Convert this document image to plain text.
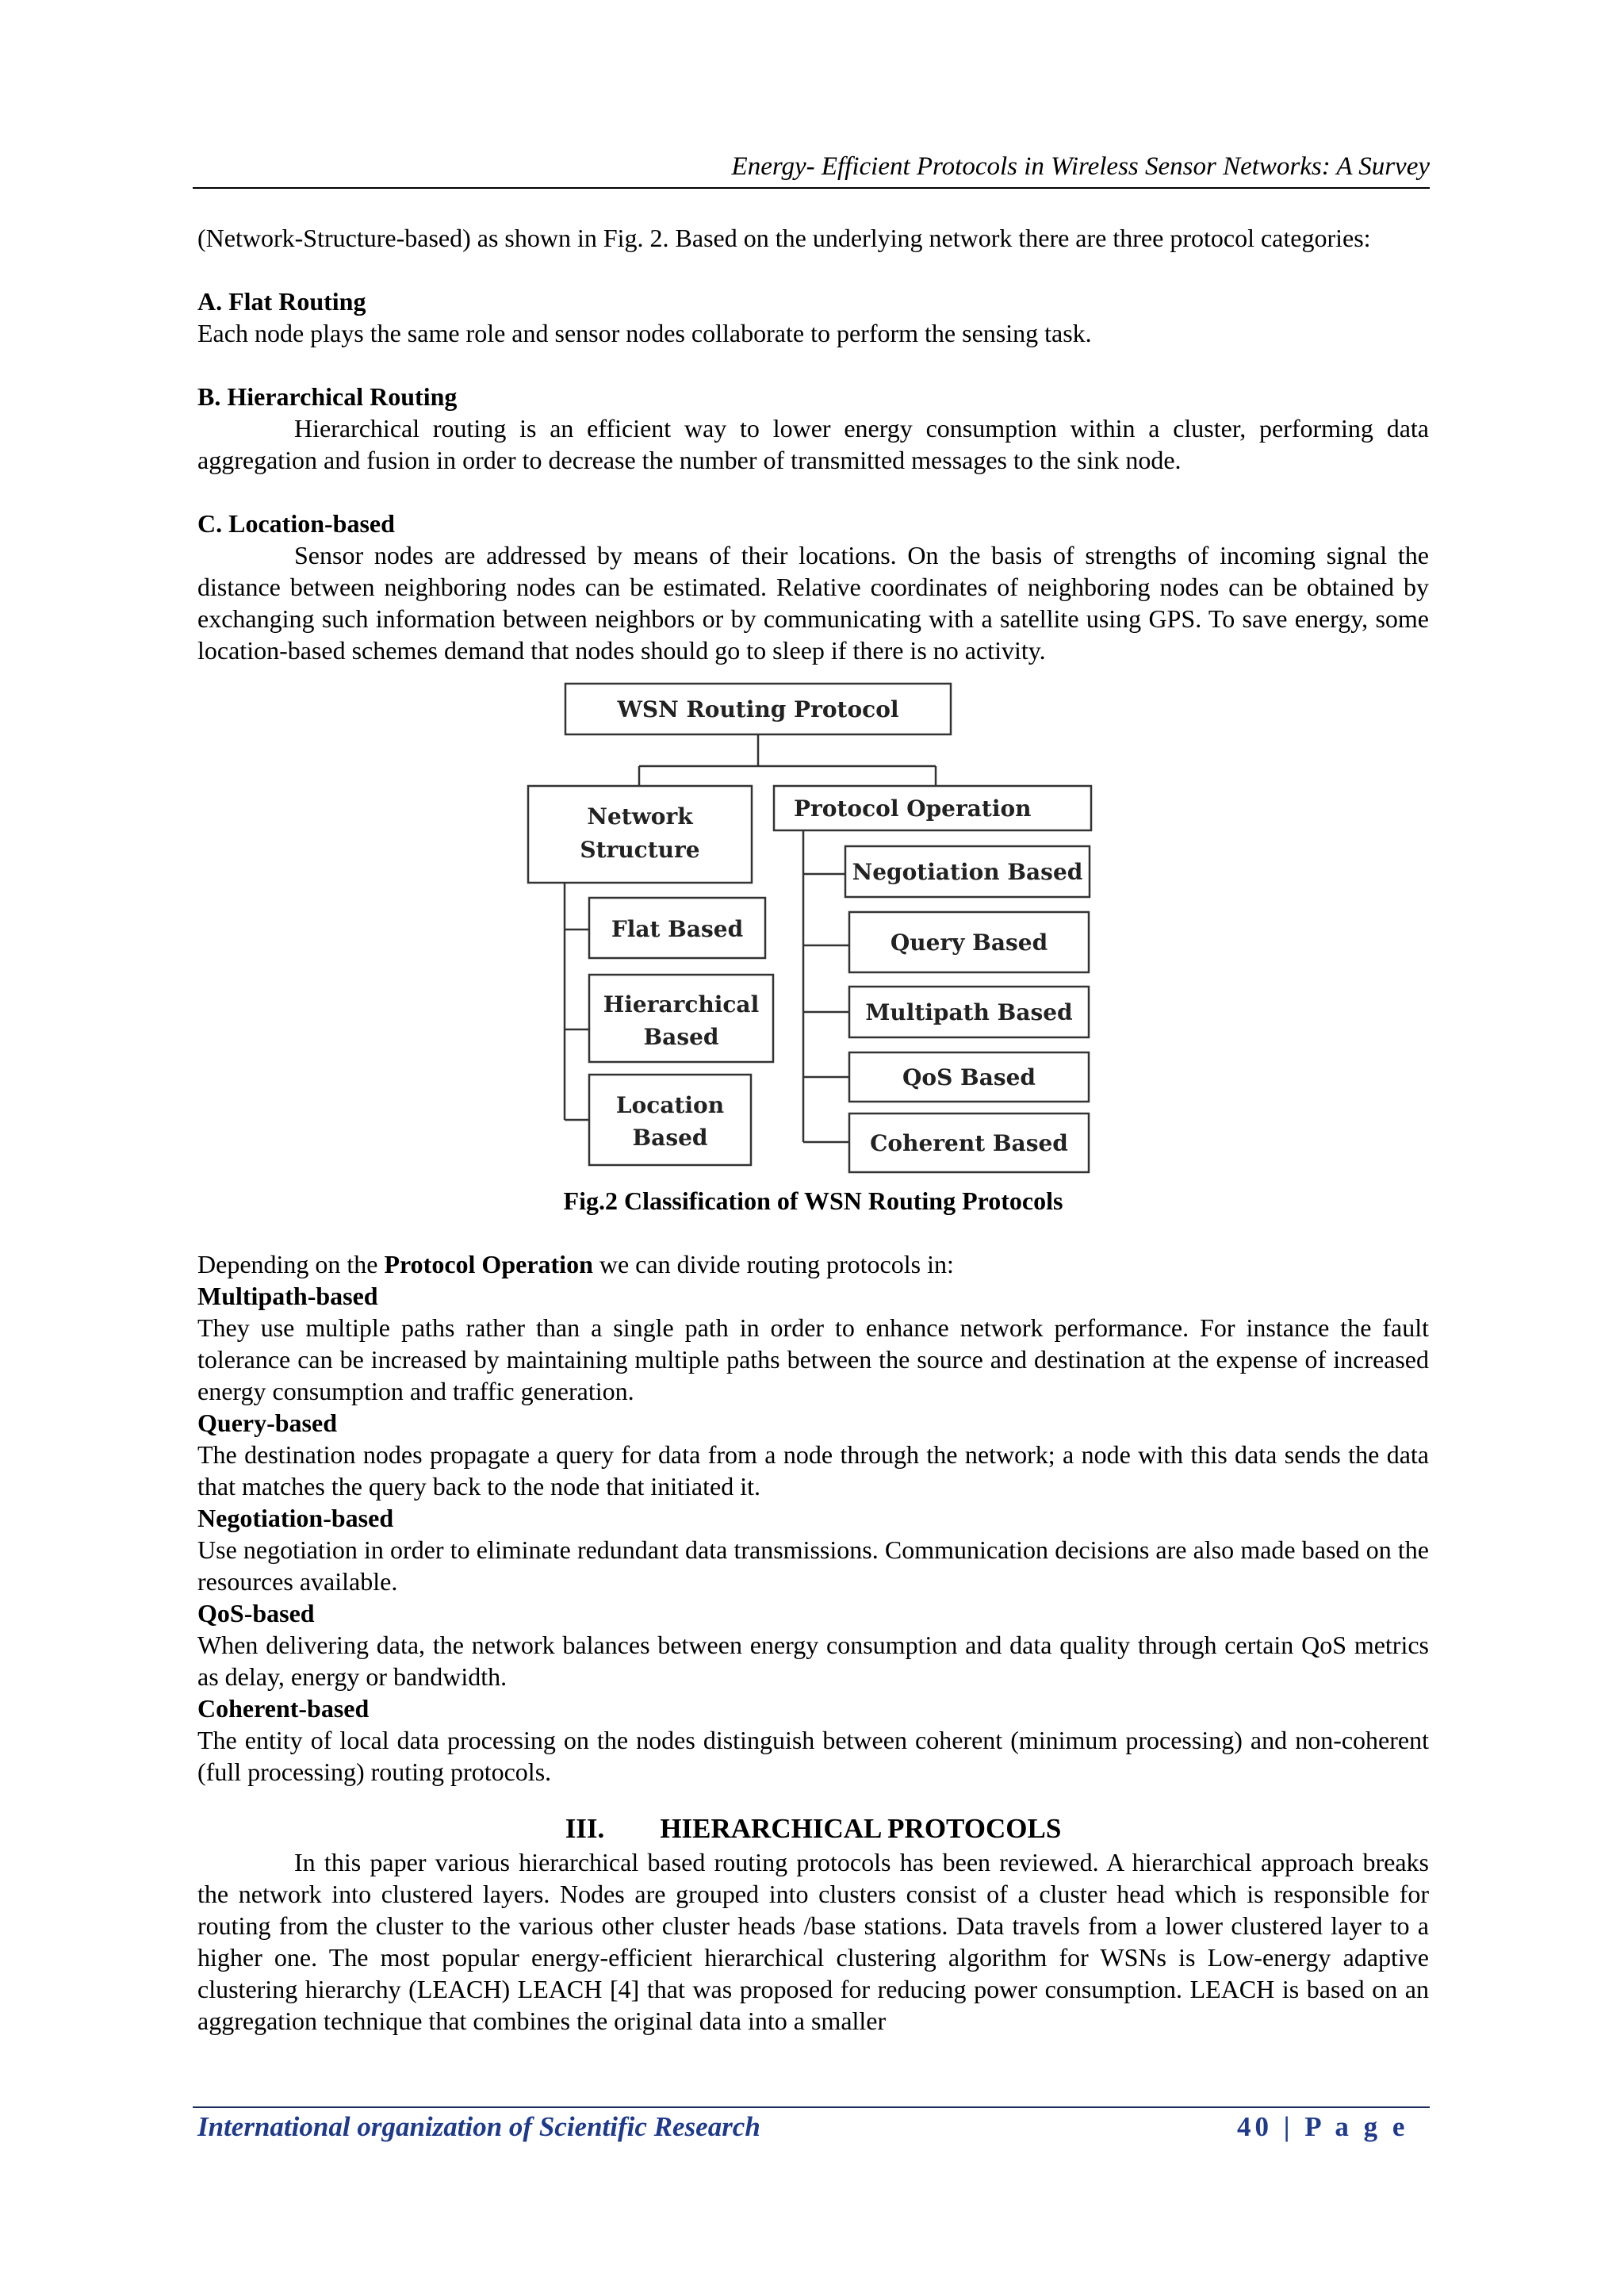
Energy- Efficient Protocols in Wireless Sensor Networks: A Survey

(Network-Structure-based) as shown in Fig. 2. Based on the underlying network there are three protocol categories:

A. Flat Routing

Each node plays the same role and sensor nodes collaborate to perform the sensing task.

B. Hierarchical Routing

Hierarchical routing is an efficient way to lower energy consumption within a cluster, performing data aggregation and fusion in order to decrease the number of transmitted messages to the sink node.

C. Location-based

Sensor nodes are addressed by means of their locations. On the basis of strengths of incoming signal the distance between neighboring nodes can be estimated. Relative coordinates of neighboring nodes can be obtained by exchanging such information between neighbors or by communicating with a satellite using GPS. To save energy, some location-based schemes demand that nodes should go to sleep if there is no activity.

WSN Routing Protocol
Network
Structure
Protocol Operation
Flat Based
Hierarchical
Based
Location
Based
Negotiation Based
Query Based
Multipath Based
QoS Based
Coherent Based

Fig.2 Classification of WSN Routing Protocols

Depending on the Protocol Operation we can divide routing protocols in:

Multipath-based

They use multiple paths rather than a single path in order to enhance network performance. For instance the fault tolerance can be increased by maintaining multiple paths between the source and destination at the expense of increased energy consumption and traffic generation.

Query-based

The destination nodes propagate a query for data from a node through the network; a node with this data sends the data that matches the query back to the node that initiated it.

Negotiation-based

Use negotiation in order to eliminate redundant data transmissions. Communication decisions are also made based on the resources available.

QoS-based

When delivering data, the network balances between energy consumption and data quality through certain QoS metrics as delay, energy or bandwidth.

Coherent-based

The entity of local data processing on the nodes distinguish between coherent (minimum processing) and non-coherent (full processing) routing protocols.

III. HIERARCHICAL PROTOCOLS

In this paper various hierarchical based routing protocols has been reviewed. A hierarchical approach breaks the network into clustered layers. Nodes are grouped into clusters consist of a cluster head which is responsible for routing from the cluster to the various other cluster heads /base stations. Data travels from a lower clustered layer to a higher one. The most popular energy-efficient hierarchical clustering algorithm for WSNs is Low-energy adaptive clustering hierarchy (LEACH) LEACH [4] that was proposed for reducing power consumption. LEACH is based on an aggregation technique that combines the original data into a smaller

International organization of Scientific Research	40 | P a g e
